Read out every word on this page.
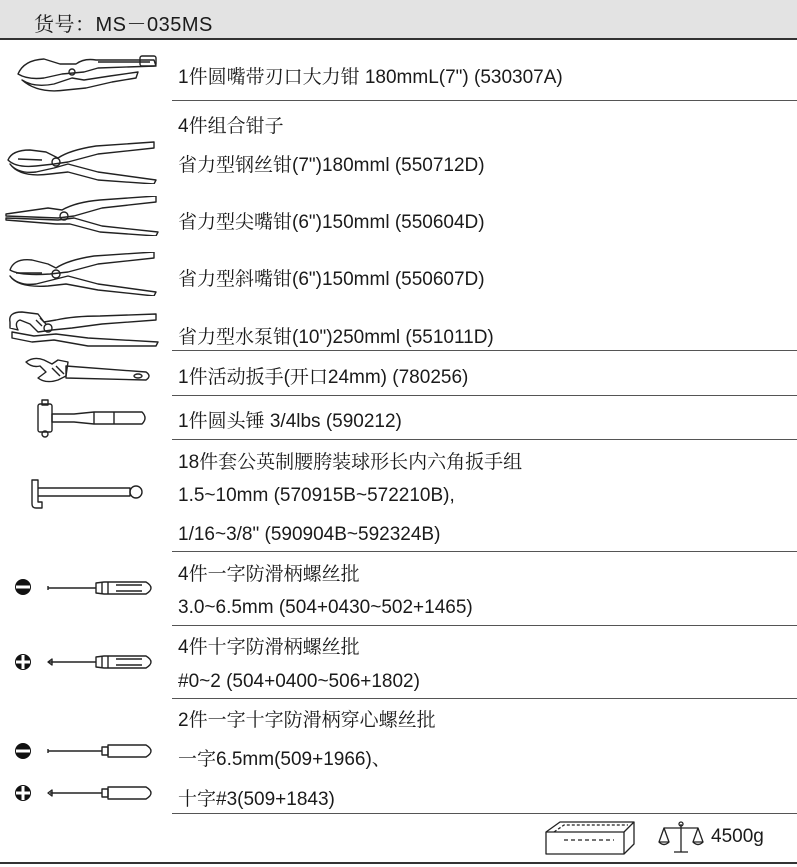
货号：MS－035MS
1件圆嘴带刃口大力钳 180mmL(7") (530307A)
4件组合钳子
省力型钢丝钳(7")180mml (550712D)
省力型尖嘴钳(6")150mml (550604D)
省力型斜嘴钳(6")150mml (550607D)
省力型水泵钳(10")250mml (551011D)
1件活动扳手(开口24mm) (780256)
1件圆头锤 3/4lbs (590212)
18件套公英制腰胯装球形长内六角扳手组
1.5~10mm (570915B~572210B),
1/16~3/8" (590904B~592324B)
4件一字防滑柄螺丝批
3.0~6.5mm (504+0430~502+1465)
4件十字防滑柄螺丝批
#0~2 (504+0400~506+1802)
2件一字十字防滑柄穿心螺丝批
一字6.5mm(509+1966)、
十字#3(509+1843)
4500g
